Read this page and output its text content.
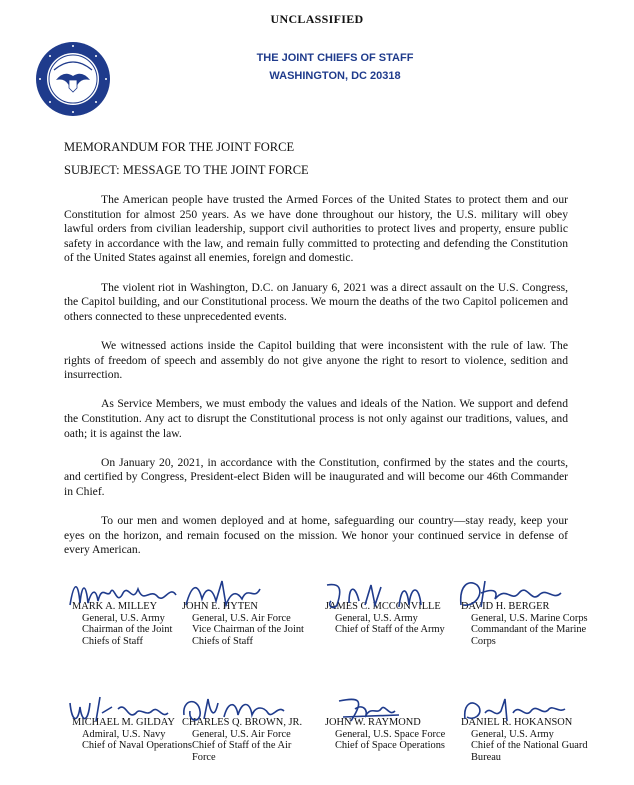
UNCLASSIFIED
THE JOINT CHIEFS OF STAFF
WASHINGTON, DC 20318
MEMORANDUM FOR THE JOINT FORCE
SUBJECT: MESSAGE TO THE JOINT FORCE

The American people have trusted the Armed Forces of the United States to protect them and our Constitution for almost 250 years. As we have done throughout our history, the U.S. military will obey lawful orders from civilian leadership, support civil authorities to protect lives and property, ensure public safety in accordance with the law, and remain fully committed to protecting and defending the Constitution of the United States against all enemies, foreign and domestic.

The violent riot in Washington, D.C. on January 6, 2021 was a direct assault on the U.S. Congress, the Capitol building, and our Constitutional process. We mourn the deaths of the two Capitol policemen and others connected to these unprecedented events.

We witnessed actions inside the Capitol building that were inconsistent with the rule of law. The rights of freedom of speech and assembly do not give anyone the right to resort to violence, sedition and insurrection.

As Service Members, we must embody the values and ideals of the Nation. We support and defend the Constitution. Any act to disrupt the Constitutional process is not only against our traditions, values, and oath; it is against the law.

On January 20, 2021, in accordance with the Constitution, confirmed by the states and the courts, and certified by Congress, President-elect Biden will be inaugurated and will become our 46th Commander in Chief.

To our men and women deployed and at home, safeguarding our country—stay ready, keep your eyes on the horizon, and remain focused on the mission. We honor your continued service in defense of every American.

MARK A. MILLEY
General, U.S. Army
Chairman of the Joint
Chiefs of Staff
JOHN E. HYTEN
General, U.S. Air Force
Vice Chairman of the Joint
Chiefs of Staff
JAMES C. MCCONVILLE
General, U.S. Army
Chief of Staff of the Army
DAVID H. BERGER
General, U.S. Marine Corps
Commandant of the Marine
Corps
MICHAEL M. GILDAY
Admiral, U.S. Navy
Chief of Naval Operations
CHARLES Q. BROWN, JR.
General, U.S. Air Force
Chief of Staff of the Air
Force
JOHN W. RAYMOND
General, U.S. Space Force
Chief of Space Operations
DANIEL R. HOKANSON
General, U.S. Army
Chief of the National Guard
Bureau
